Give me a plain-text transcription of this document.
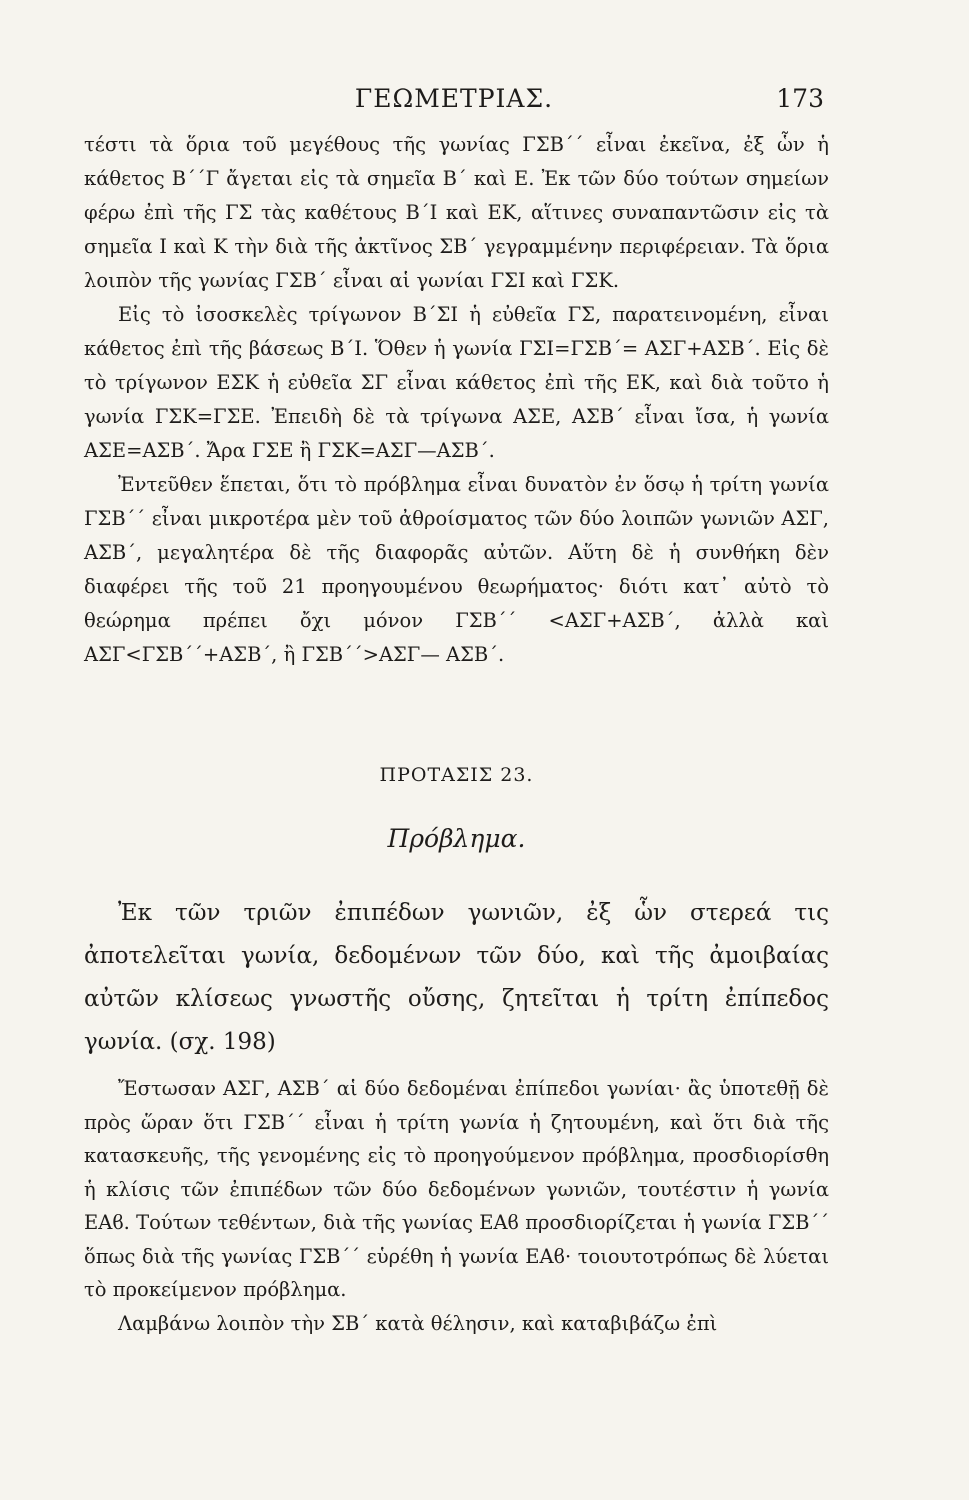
ΓΕΩΜΕΤΡΙΑΣ.	173

τέστι τὰ ὅρια τοῦ μεγέθους τῆς γωνίας ΓΣΒ΄΄ εἶναι ἐκεῖνα, ἐξ ὧν ἡ κάθετος Β΄΄Γ ἄγεται εἰς τὰ σημεῖα Β΄ καὶ Ε. Ἐκ τῶν δύο τούτων σημείων φέρω ἐπὶ τῆς ΓΣ τὰς καθέτους Β΄Ι καὶ ΕΚ, αἵτινες συναπαντῶσιν εἰς τὰ σημεῖα Ι καὶ Κ τὴν διὰ τῆς ἀκτῖνος ΣΒ΄ γεγραμμένην περιφέρειαν. Τὰ ὅρια λοιπὸν τῆς γωνίας ΓΣΒ΄ εἶναι αἱ γωνίαι ΓΣΙ καὶ ΓΣΚ.

Εἰς τὸ ἰσοσκελὲς τρίγωνον Β΄ΣΙ ἡ εὐθεῖα ΓΣ, παρατεινομένη, εἶναι κάθετος ἐπὶ τῆς βάσεως Β΄Ι. Ὅθεν ἡ γωνία ΓΣΙ=ΓΣΒ΄= ΑΣΓ+ΑΣΒ΄. Εἰς δὲ τὸ τρίγωνον ΕΣΚ ἡ εὐθεῖα ΣΓ εἶναι κάθετος ἐπὶ τῆς ΕΚ, καὶ διὰ τοῦτο ἡ γωνία ΓΣΚ=ΓΣΕ. Ἐπειδὴ δὲ τὰ τρίγωνα ΑΣΕ, ΑΣΒ΄ εἶναι ἴσα, ἡ γωνία ΑΣΕ=ΑΣΒ΄. Ἄρα ΓΣΕ ἢ ΓΣΚ=ΑΣΓ—ΑΣΒ΄.

Ἐντεῦθεν ἕπεται, ὅτι τὸ πρόβλημα εἶναι δυνατὸν ἐν ὅσῳ ἡ τρίτη γωνία ΓΣΒ΄΄ εἶναι μικροτέρα μὲν τοῦ ἀθροίσματος τῶν δύο λοιπῶν γωνιῶν ΑΣΓ, ΑΣΒ΄, μεγαλητέρα δὲ τῆς διαφορᾶς αὐτῶν. Αὕτη δὲ ἡ συνθήκη δὲν διαφέρει τῆς τοῦ 21 προηγουμένου θεωρήματος· διότι κατ᾽ αὐτὸ τὸ θεώρημα πρέπει ὄχι μόνον ΓΣΒ΄΄ <ΑΣΓ+ΑΣΒ΄, ἀλλὰ καὶ ΑΣΓ<ΓΣΒ΄΄+ΑΣΒ΄, ἢ ΓΣΒ΄΄>ΑΣΓ— ΑΣΒ΄.

ΠΡΟΤΑΣΙΣ 23.
Πρόβλημα.

Ἐκ τῶν τριῶν ἐπιπέδων γωνιῶν, ἐξ ὧν στερεά τις ἀποτελεῖται γωνία, δεδομένων τῶν δύο, καὶ τῆς ἀμοιβαίας αὐτῶν κλίσεως γνωστῆς οὔσης, ζητεῖται ἡ τρίτη ἐπίπεδος γωνία. (σχ. 198)

Ἔστωσαν ΑΣΓ, ΑΣΒ΄ αἱ δύο δεδομέναι ἐπίπεδοι γωνίαι· ἂς ὑποτεθῇ δὲ πρὸς ὥραν ὅτι ΓΣΒ΄΄ εἶναι ἡ τρίτη γωνία ἡ ζητουμένη, καὶ ὅτι διὰ τῆς κατασκευῆς, τῆς γενομένης εἰς τὸ προηγούμενον πρόβλημα, προσδιορίσθη ἡ κλίσις τῶν ἐπιπέδων τῶν δύο δεδομένων γωνιῶν, τουτέστιν ἡ γωνία ΕΑϐ. Τούτων τεθέντων, διὰ τῆς γωνίας ΕΑϐ προσδιορίζεται ἡ γωνία ΓΣΒ΄΄ ὅπως διὰ τῆς γωνίας ΓΣΒ΄΄ εὑρέθη ἡ γωνία ΕΑϐ· τοιουτοτρόπως δὲ λύεται τὸ προκείμενον πρόβλημα.

Λαμβάνω λοιπὸν τὴν ΣΒ΄ κατὰ θέλησιν, καὶ καταβιβάζω ἐπὶ
